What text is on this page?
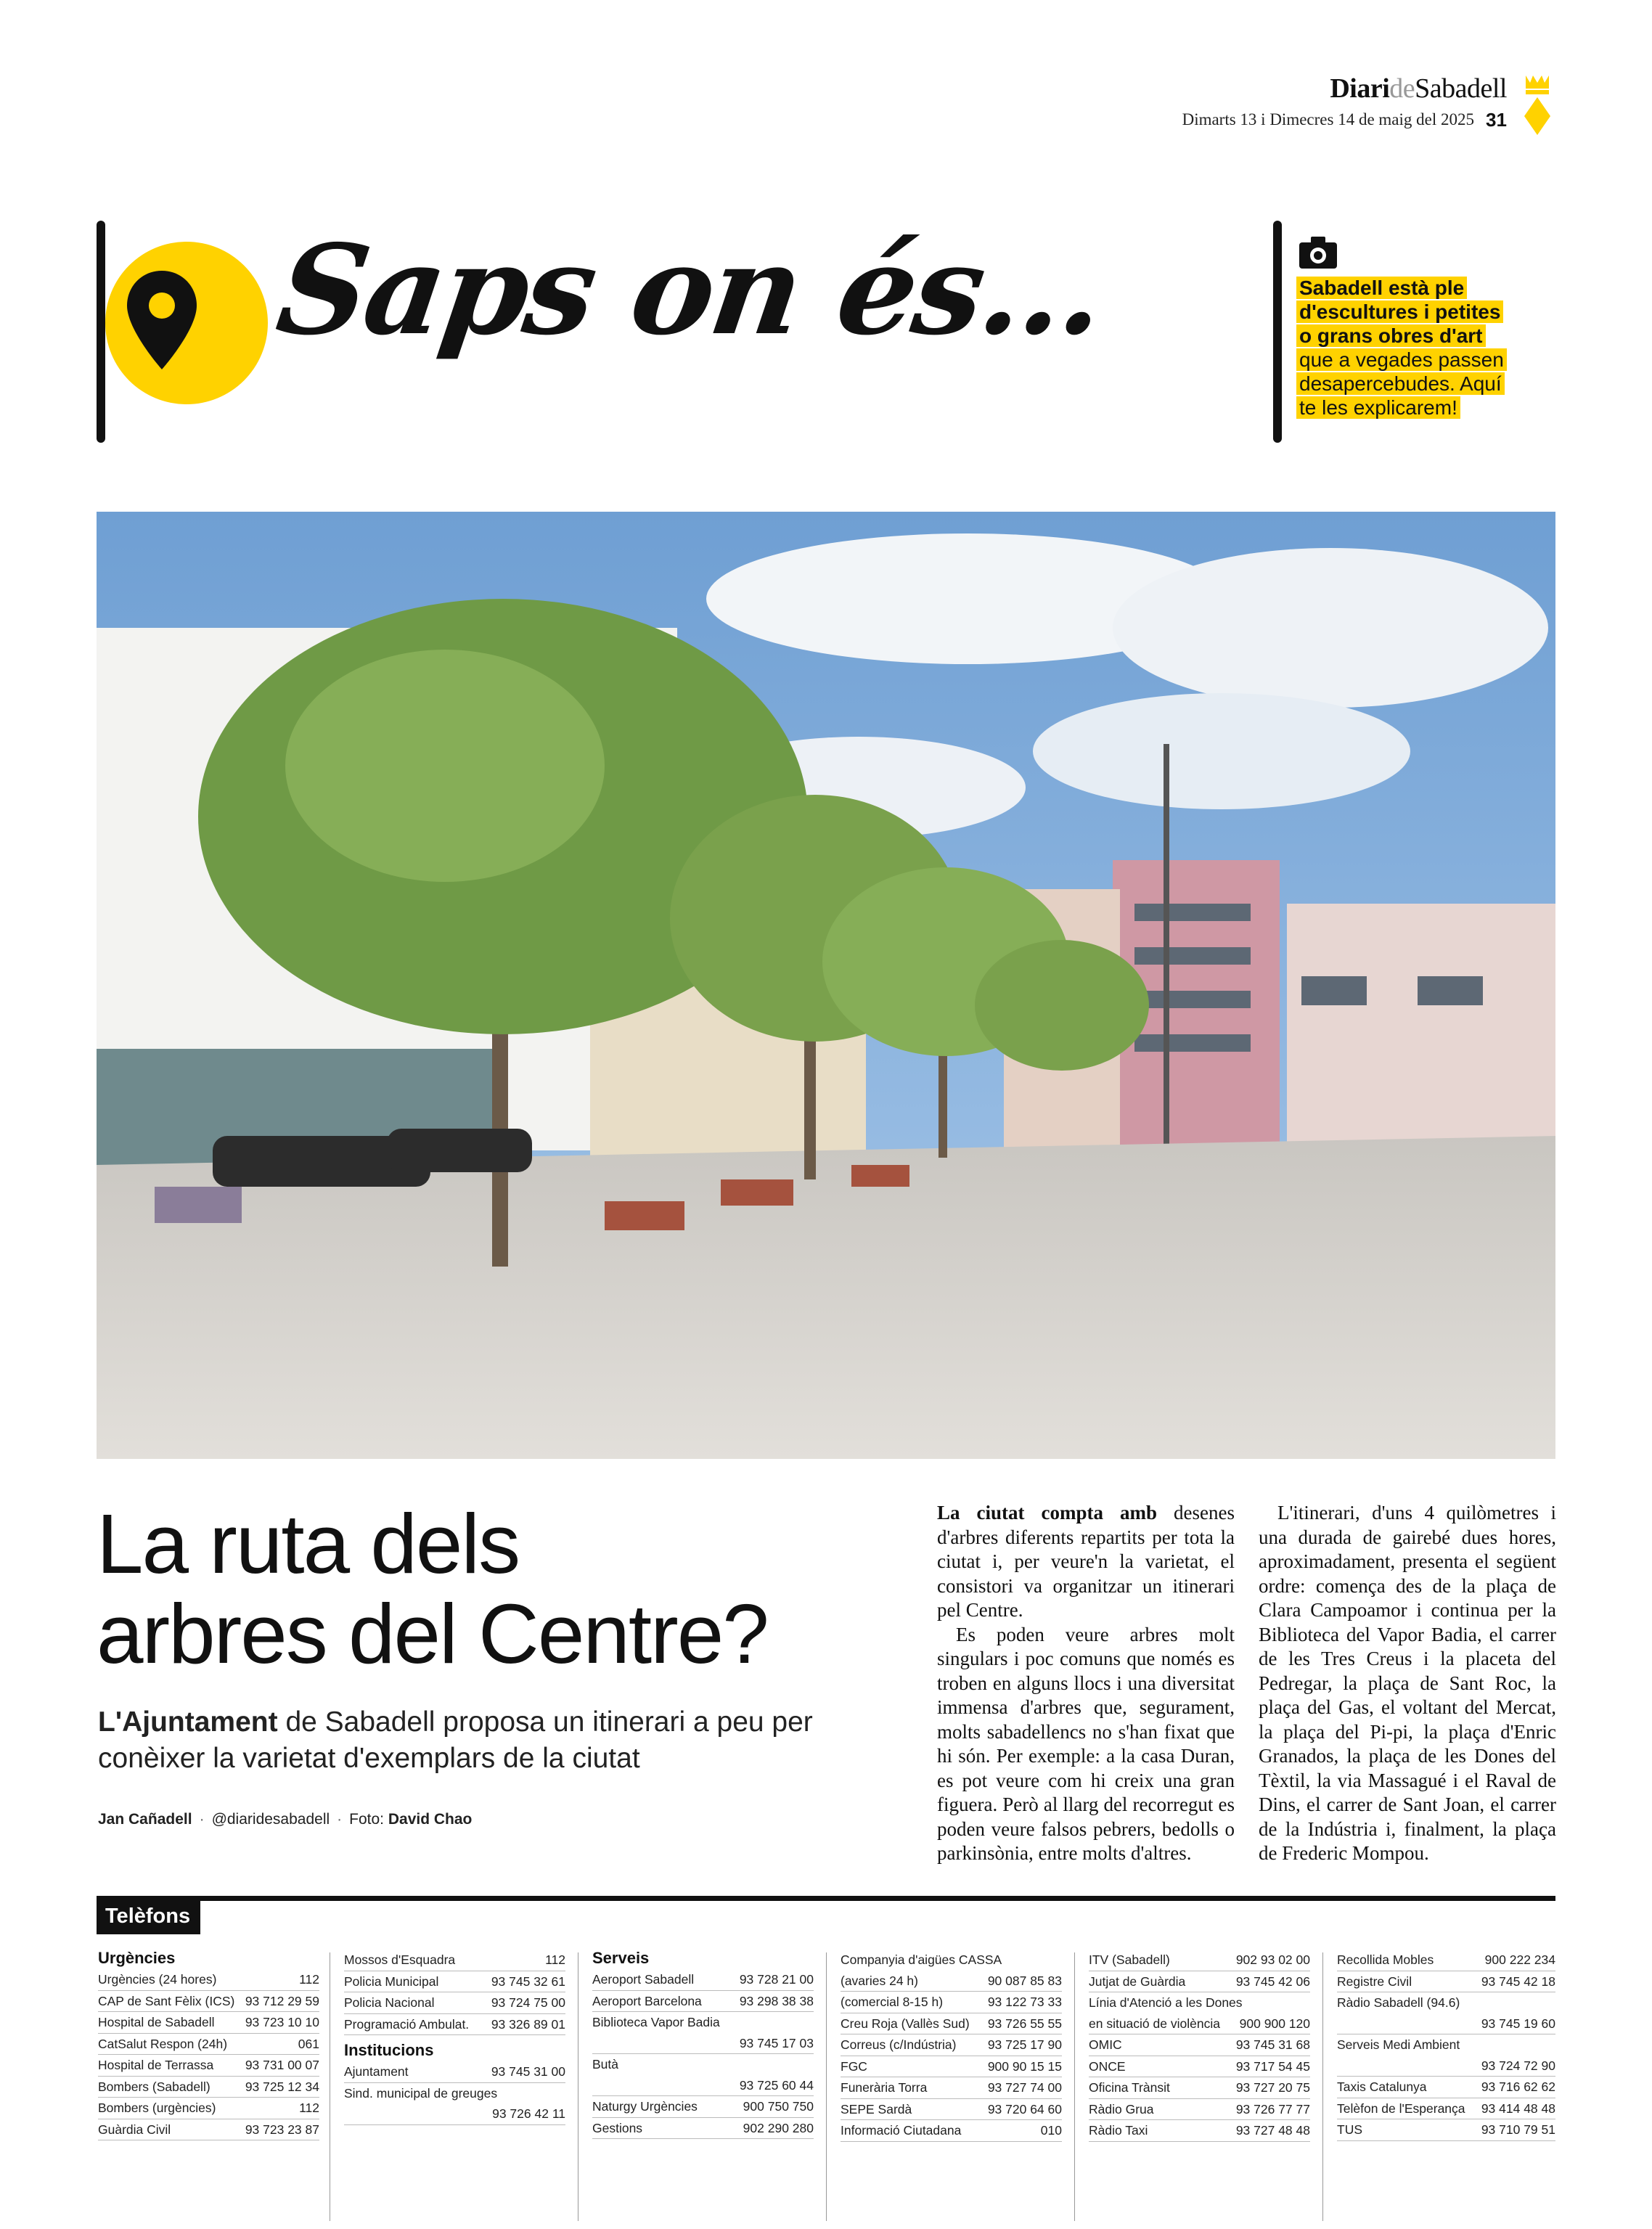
DiarideSabadell
Dimarts 13 i Dimecres 14 de maig del 2025 31
Saps on és...	Sabadell està ple
d'escultures i petites
o grans obres d'art
que a vegades passen
desapercebudes. Aquí
te les explicarem!
La ruta dels
arbres del Centre?
L'Ajuntament de Sabadell proposa un itinerari a peu per conèixer la varietat d'exemplars de la ciutat
Jan Cañadell · @diaridesabadell · Foto: David Chao

La ciutat compta amb desenes d'arbres diferents repartits per tota la ciutat i, per veure'n la varietat, el consistori va organitzar un itinerari pel Centre.

Es poden veure arbres molt singulars i poc comuns que només es troben en alguns llocs i una diversitat immensa d'arbres que, segurament, molts sabadellencs no s'han fixat que hi són. Per exemple: a la casa Duran, es pot veure com hi creix una gran figuera. Però al llarg del recorregut es poden veure falsos pebrers, bedolls o parkinsònia, entre molts d'altres.

L'itinerari, d'uns 4 quilòmetres i una durada de gairebé dues hores, aproximadament, presenta el següent ordre: comença des de la plaça de Clara Campoamor i continua per la Biblioteca del Vapor Badia, el carrer de les Tres Creus i la placeta del Pedregar, la plaça de Sant Roc, la plaça del Gas, el voltant del Mercat, la plaça del Pi-pi, la plaça d'Enric Granados, la plaça de les Dones del Tèxtil, la via Massagué i el Raval de Dins, el carrer de Sant Joan, el carrer de la Indústria i, finalment, la plaça de Frederic Mompou.

Telèfons
Urgències
Urgències (24 hores)	112
CAP de Sant Fèlix (ICS) 93 712 29 59
Hospital de Sabadell 93 723 10 10
CatSalut Respon (24h)	061
Hospital de Terrassa 93 731 00 07
Bombers (Sabadell)	93 725 12 34
Bombers (urgències)	112
Guàrdia Civil	93 723 23 87
Mossos d'Esquadra	112
Policia Municipal	93 745 32 61
Policia Nacional	93 724 75 00
Programació Ambulat. 93 326 89 01
Institucions
Ajuntament	93 745 31 00
Sind. municipal de greuges
93 726 42 11
Serveis
Aeroport Sabadell	93 728 21 00
Aeroport Barcelona	93 298 38 38
Biblioteca Vapor Badia
93 745 17 03
Butà
93 725 60 44
Naturgy Urgències	900 750 750
Gestions	902 290 280
Companyia d'aigües CASSA
(avaries 24 h)	90 087 85 83
(comercial 8-15 h)	93 122 73 33
Creu Roja (Vallès Sud) 93 726 55 55
Correus (c/Indústria) 93 725 17 90
FGC	900 90 15 15
Funerària Torra	93 727 74 00
SEPE Sardà	93 720 64 60
Informació Ciutadana	010
ITV (Sabadell)	902 93 02 00
Jutjat de Guàrdia	93 745 42 06
Línia d'Atenció a les Dones
en situació de violència 900 900 120
OMIC	93 745 31 68
ONCE	93 717 54 45
Oficina Trànsit	93 727 20 75
Ràdio Grua	93 726 77 77
Ràdio Taxi	93 727 48 48
Recollida Mobles	900 222 234
Registre Civil	93 745 42 18
Ràdio Sabadell (94.6)
93 745 19 60
Serveis Medi Ambient
93 724 72 90
Taxis Catalunya	93 716 62 62
Telèfon de l'Esperança 93 414 48 48
TUS	93 710 79 51
